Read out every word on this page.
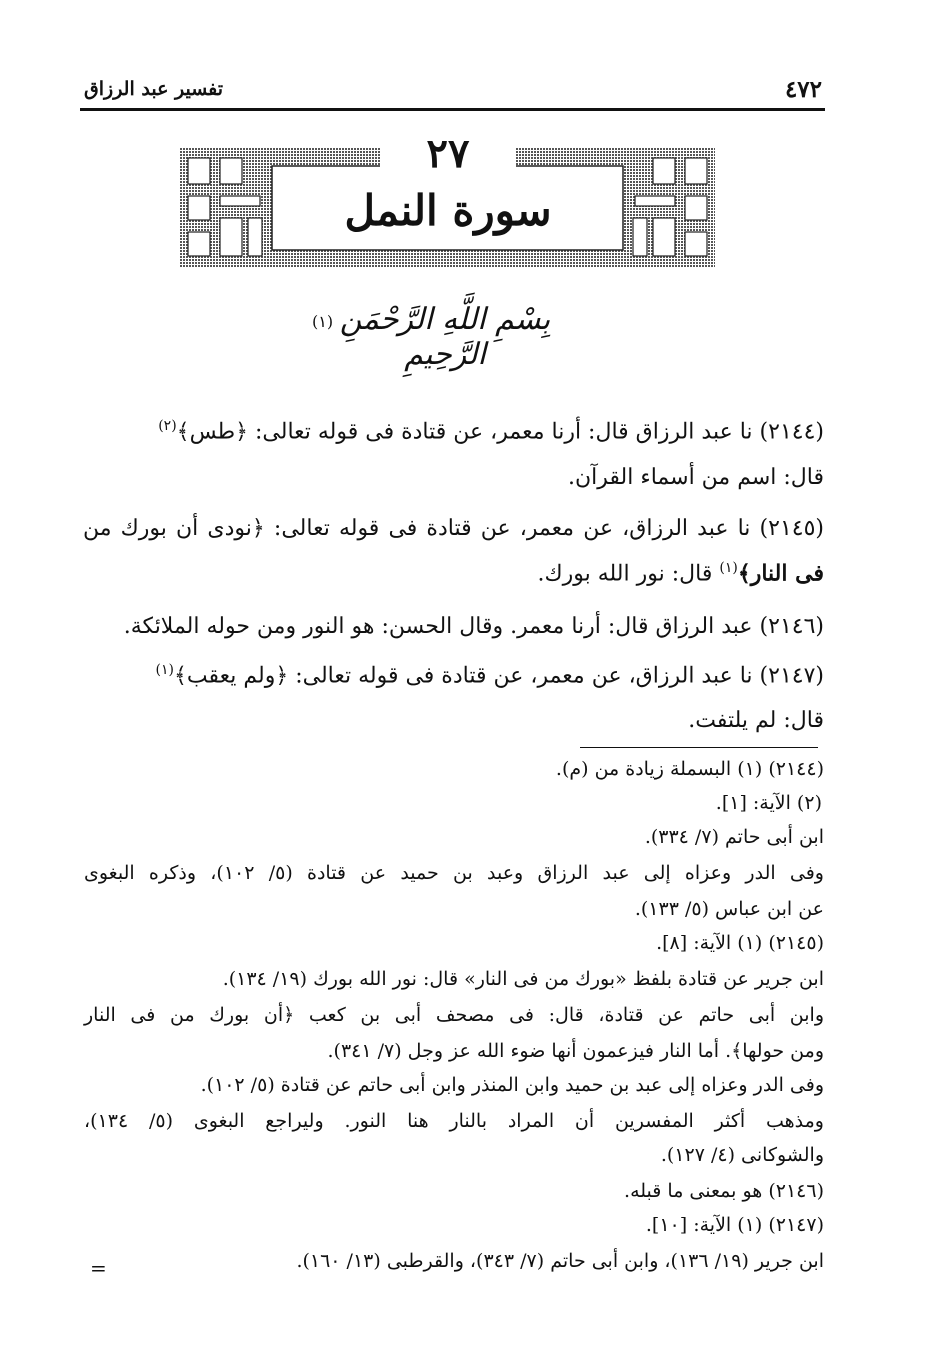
٤٧٢
تفسير عبد الرزاق
٢٧
سورة النمل
بِسْمِ اللَّهِ الرَّحْمَنِ الرَّحِيمِ
(١)
(٢١٤٤) نا عبد الرزاق قال: أرنا معمر، عن قتادة فى قوله تعالى: ﴿طس﴾$^{(٢)}$
قال: اسم من أسماء القرآن.
(٢١٤٥) نا عبد الرزاق، عن معمر، عن قتادة فى قوله تعالى: ﴿نودى أن بورك من
فى النار﴾$^{(١)}$ قال: نور الله بورك.
(٢١٤٦) عبد الرزاق قال: أرنا معمر. وقال الحسن: هو النور ومن حوله الملائكة.
(٢١٤٧) نا عبد الرزاق، عن معمر، عن قتادة فى قوله تعالى: ﴿ولم يعقب﴾$^{(١)}$
قال: لم يلتفت.
(٢١٤٤) (١) البسملة زيادة من (م).
(٢) الآية: [١].
ابن أبى حاتم (٧/ ٣٣٤).
وفى الدر وعزاه إلى عبد الرزاق وعبد بن حميد عن قتادة (٥/ ١٠٢)، وذكره البغوى
عن ابن عباس (٥/ ١٣٣).
(٢١٤٥) (١) الآية: [٨].
ابن جرير عن قتادة بلفظ «بورك من فى النار» قال: نور الله بورك (١٩/ ١٣٤).
وابن أبى حاتم عن قتادة، قال: فى مصحف أبى بن كعب ﴿أن بورك من فى النار
ومن حولها﴾. أما النار فيزعمون أنها ضوء الله عز وجل (٧/ ٣٤١).
وفى الدر وعزاه إلى عبد بن حميد وابن المنذر وابن أبى حاتم عن قتادة (٥/ ١٠٢).
ومذهب أكثر المفسرين أن المراد بالنار هنا النور. وليراجع البغوى (٥/ ١٣٤)،
والشوكانى (٤/ ١٢٧).
(٢١٤٦) هو بمعنى ما قبله.
(٢١٤٧) (١) الآية: [١٠].
ابن جرير (١٩/ ١٣٦)، وابن أبى حاتم (٧/ ٣٤٣)، والقرطبى (١٣/ ١٦٠).
=
